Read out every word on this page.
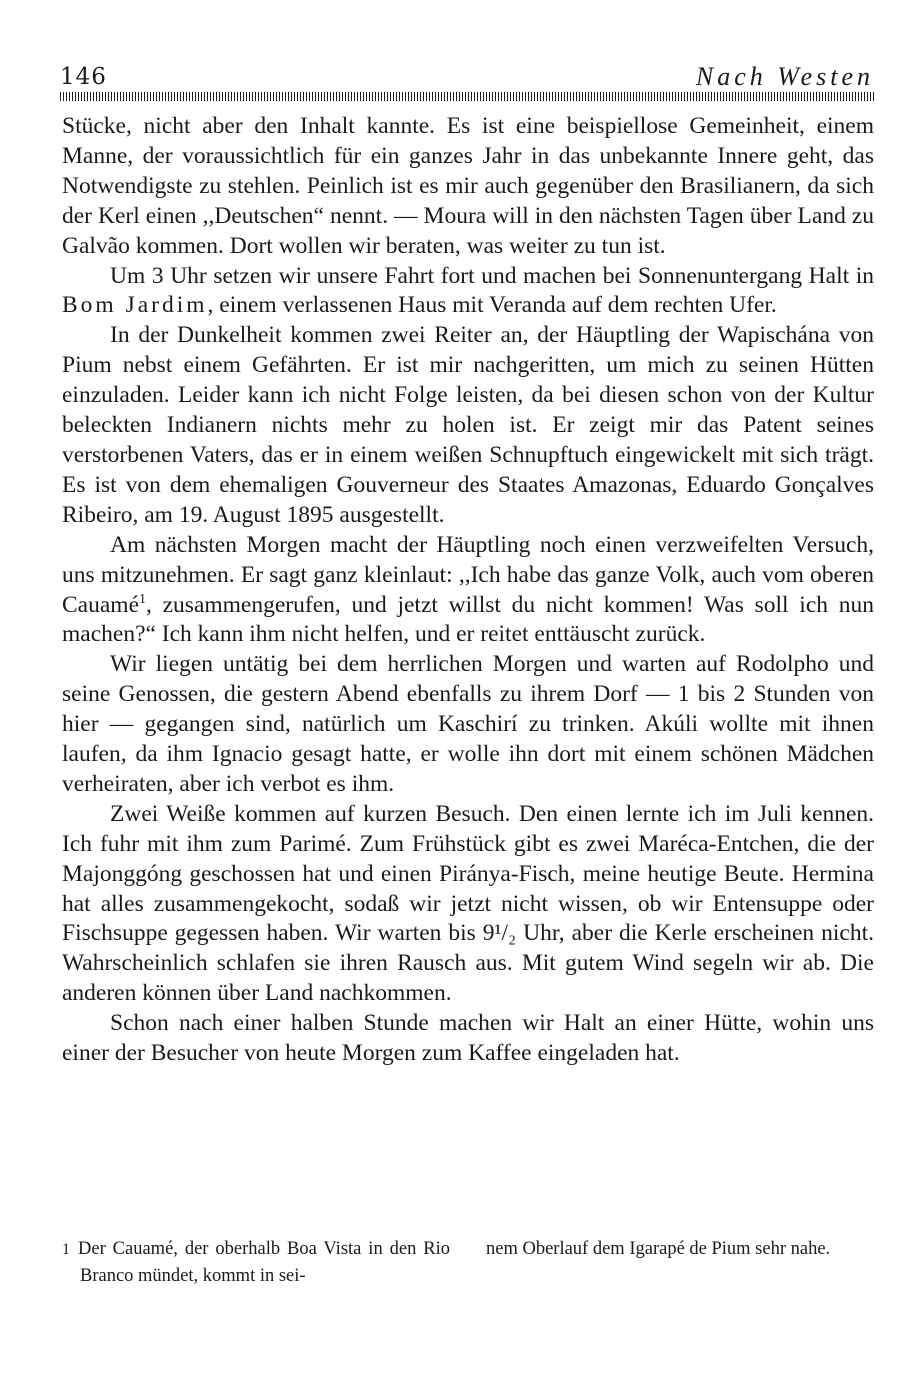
146	Nach Westen

Stücke, nicht aber den Inhalt kannte. Es ist eine beispiellose Gemeinheit, einem Manne, der voraussichtlich für ein ganzes Jahr in das unbekannte Innere geht, das Notwendigste zu stehlen. Peinlich ist es mir auch gegenüber den Brasilianern, da sich der Kerl einen ,,Deutschen“ nennt. — Moura will in den nächsten Tagen über Land zu Galvão kommen. Dort wollen wir beraten, was weiter zu tun ist.

Um 3 Uhr setzen wir unsere Fahrt fort und machen bei Sonnenuntergang Halt in Bom Jardim, einem verlassenen Haus mit Veranda auf dem rechten Ufer.

In der Dunkelheit kommen zwei Reiter an, der Häuptling der Wapischána von Pium nebst einem Gefährten. Er ist mir nachgeritten, um mich zu seinen Hütten einzuladen. Leider kann ich nicht Folge leisten, da bei diesen schon von der Kultur beleckten Indianern nichts mehr zu holen ist. Er zeigt mir das Patent seines verstorbenen Vaters, das er in einem weißen Schnupftuch eingewickelt mit sich trägt. Es ist von dem ehemaligen Gouverneur des Staates Amazonas, Eduardo Gonçalves Ribeiro, am 19. August 1895 ausgestellt.

Am nächsten Morgen macht der Häuptling noch einen verzweifelten Versuch, uns mitzunehmen. Er sagt ganz kleinlaut: ,,Ich habe das ganze Volk, auch vom oberen Cauamé$^1$, zusammengerufen, und jetzt willst du nicht kommen! Was soll ich nun machen?“ Ich kann ihm nicht helfen, und er reitet enttäuscht zurück.

Wir liegen untätig bei dem herrlichen Morgen und warten auf Rodolpho und seine Genossen, die gestern Abend ebenfalls zu ihrem Dorf — 1 bis 2 Stunden von hier — gegangen sind, natürlich um Kaschirí zu trinken. Akúli wollte mit ihnen laufen, da ihm Ignacio gesagt hatte, er wolle ihn dort mit einem schönen Mädchen verheiraten, aber ich verbot es ihm.

Zwei Weiße kommen auf kurzen Besuch. Den einen lernte ich im Juli kennen. Ich fuhr mit ihm zum Parimé. Zum Frühstück gibt es zwei Maréca-Entchen, die der Majonggóng geschossen hat und einen Piránya-Fisch, meine heutige Beute. Hermina hat alles zusammengekocht, sodaß wir jetzt nicht wissen, ob wir Entensuppe oder Fischsuppe gegessen haben. Wir warten bis 9¹/₂ Uhr, aber die Kerle erscheinen nicht. Wahrscheinlich schlafen sie ihren Rausch aus. Mit gutem Wind segeln wir ab. Die anderen können über Land nachkommen.

Schon nach einer halben Stunde machen wir Halt an einer Hütte, wohin uns einer der Besucher von heute Morgen zum Kaffee eingeladen hat.

1 Der Cauamé, der oberhalb Boa Vista in den Rio Branco mündet, kommt in sei-

nem Oberlauf dem Igarapé de Pium sehr nahe.
